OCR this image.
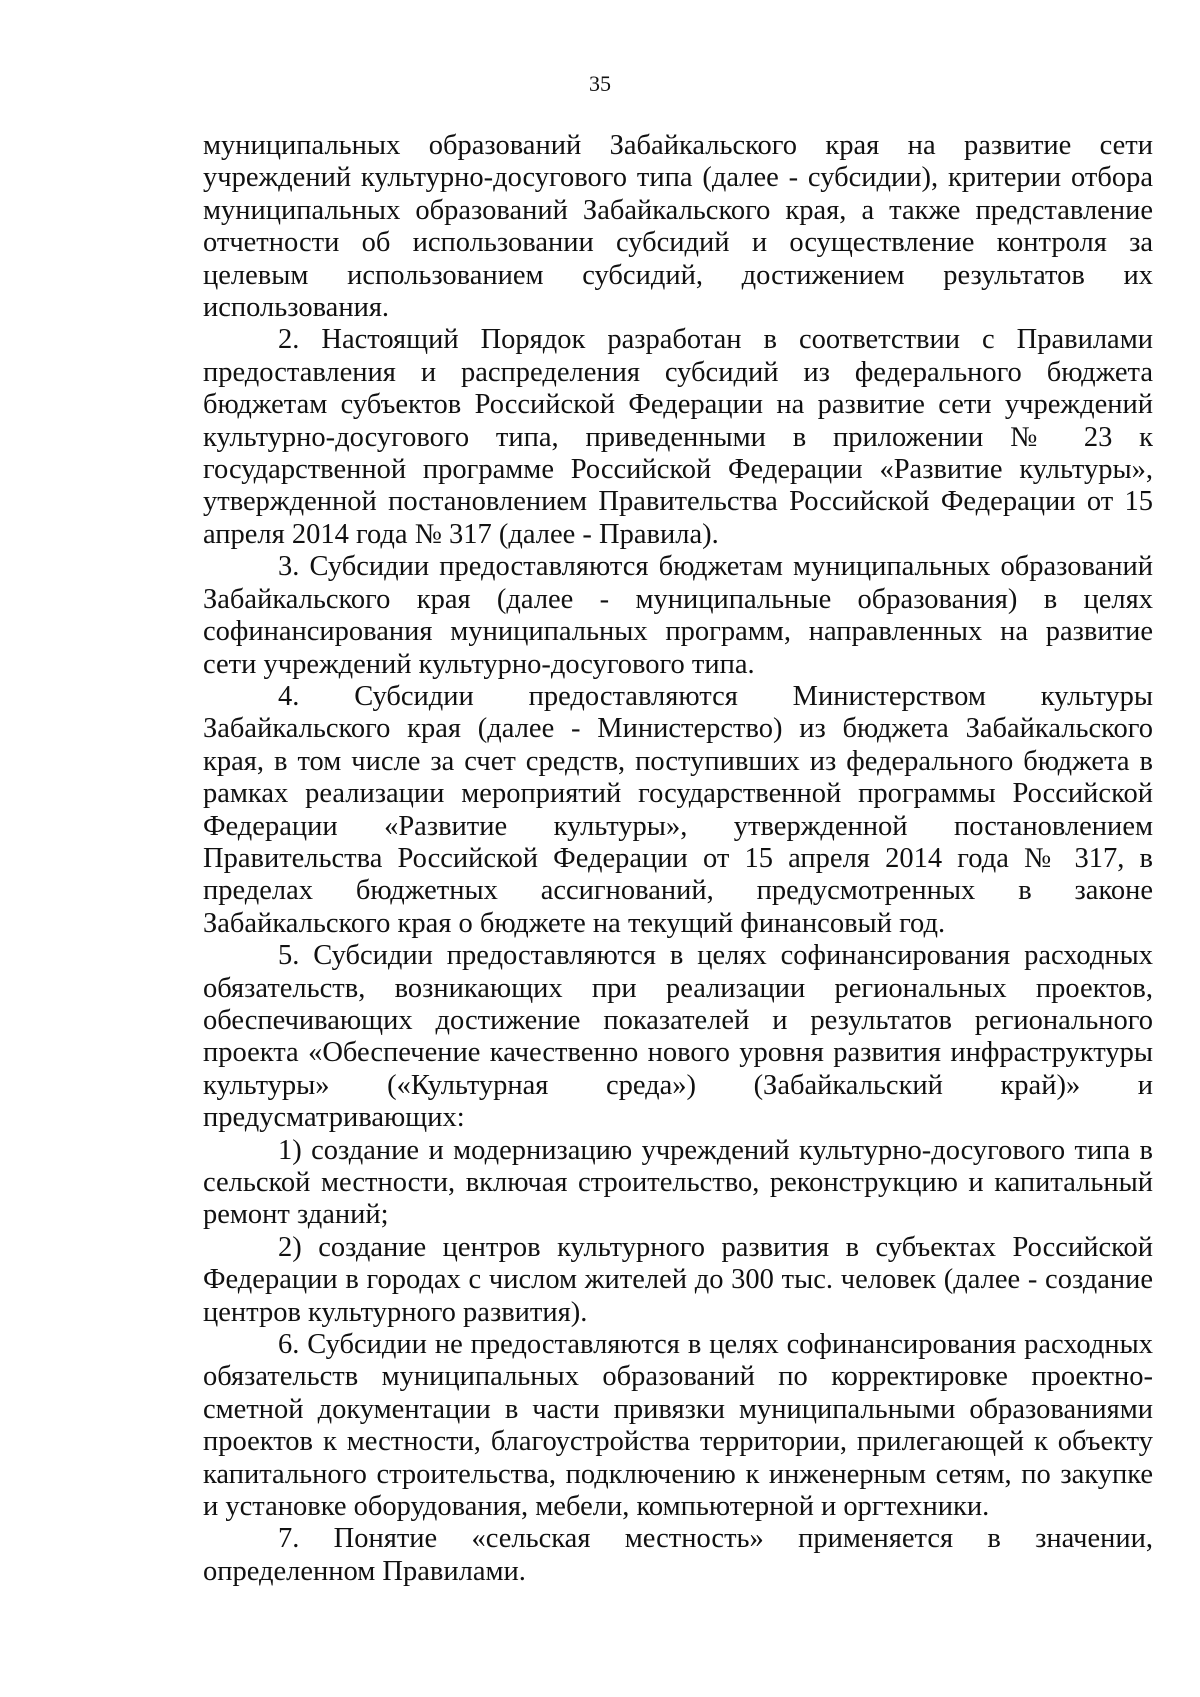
35

муниципальных образований Забайкальского края на развитие сети учреждений культурно-досугового типа (далее - субсидии), критерии отбора муниципальных образований Забайкальского края, а также представление отчетности об использовании субсидий и осуществление контроля за целевым использованием субсидий, достижением результатов их использования.

2. Настоящий Порядок разработан в соответствии с Правилами предоставления и распределения субсидий из федерального бюджета бюджетам субъектов Российской Федерации на развитие сети учреждений культурно-досугового типа, приведенными в приложении № 23 к государственной программе Российской Федерации «Развитие культуры», утвержденной постановлением Правительства Российской Федерации от 15 апреля 2014 года № 317 (далее - Правила).

3. Субсидии предоставляются бюджетам муниципальных образований Забайкальского края (далее - муниципальные образования) в целях софинансирования муниципальных программ, направленных на развитие сети учреждений культурно-досугового типа.

4. Субсидии предоставляются Министерством культуры Забайкальского края (далее - Министерство) из бюджета Забайкальского края, в том числе за счет средств, поступивших из федерального бюджета в рамках реализации мероприятий государственной программы Российской Федерации «Развитие культуры», утвержденной постановлением Правительства Российской Федерации от 15 апреля 2014 года № 317, в пределах бюджетных ассигнований, предусмотренных в законе Забайкальского края о бюджете на текущий финансовый год.

5. Субсидии предоставляются в целях софинансирования расходных обязательств, возникающих при реализации региональных проектов, обеспечивающих достижение показателей и результатов регионального проекта «Обеспечение качественно нового уровня развития инфраструктуры культуры» («Культурная среда») (Забайкальский край)» и предусматривающих:

1) создание и модернизацию учреждений культурно-досугового типа в сельской местности, включая строительство, реконструкцию и капитальный ремонт зданий;

2) создание центров культурного развития в субъектах Российской Федерации в городах с числом жителей до 300 тыс. человек (далее - создание центров культурного развития).

6. Субсидии не предоставляются в целях софинансирования расходных обязательств муниципальных образований по корректировке проектно-сметной документации в части привязки муниципальными образованиями проектов к местности, благоустройства территории, прилегающей к объекту капитального строительства, подключению к инженерным сетям, по закупке и установке оборудования, мебели, компьютерной и оргтехники.

7. Понятие «сельская местность» применяется в значении, определенном Правилами.
